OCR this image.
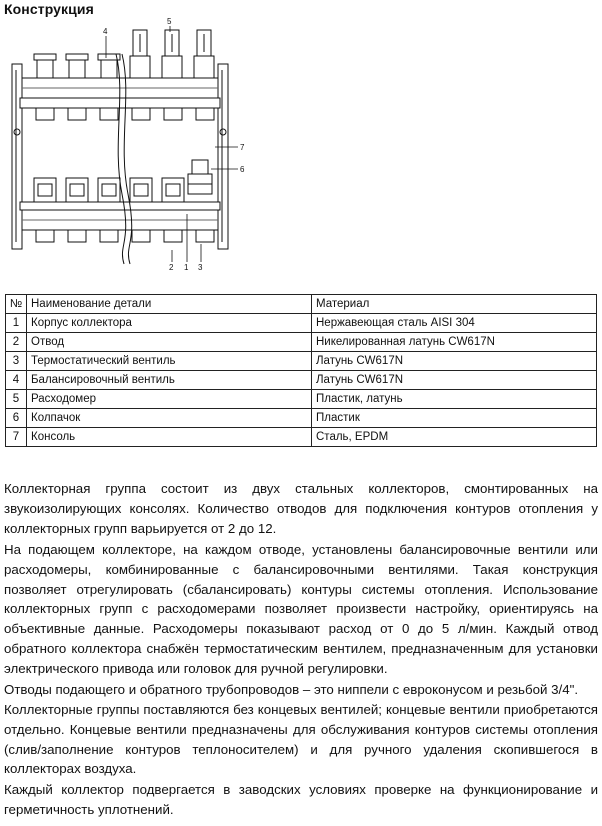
Конструкция
4
5
7
6
2 1 3
№	Наименование детали	Материал
1	Корпус коллектора	Нержавеющая сталь AISI 304
2	Отвод	Никелированная латунь CW617N
3	Термостатический вентиль	Латунь CW617N
4	Балансировочный вентиль	Латунь CW617N
5	Расходомер	Пластик, латунь
6	Колпачок	Пластик
7	Консоль	Сталь, EPDM

Коллекторная группа состоит из двух стальных коллекторов, смонтированных на звукоизолирующих консолях. Количество отводов для подключения контуров отопления у коллекторных групп варьируется от 2 до 12.

На подающем коллекторе, на каждом отводе, установлены балансировочные вентили или расходомеры, комбинированные с балансировочными вентилями. Такая конструкция позволяет отрегулировать (сбалансировать) контуры системы отопления. Использование коллекторных групп с расходомерами позволяет произвести настройку, ориентируясь на объективные данные. Расходомеры показывают расход от 0 до 5 л/мин. Каждый отвод обратного коллектора снабжён термостатическим вентилем, предназначенным для установки электрического привода или головок для ручной регулировки.

Отводы подающего и обратного трубопроводов – это ниппели с евроконусом и резьбой 3/4".

Коллекторные группы поставляются без концевых вентилей; концевые вентили приобретаются отдельно. Концевые вентили предназначены для обслуживания контуров системы отопления (слив/заполнение контуров теплоносителем) и для ручного удаления скопившегося в коллекторах воздуха.

Каждый коллектор подвергается в заводских условиях проверке на функционирование и герметичность уплотнений.
